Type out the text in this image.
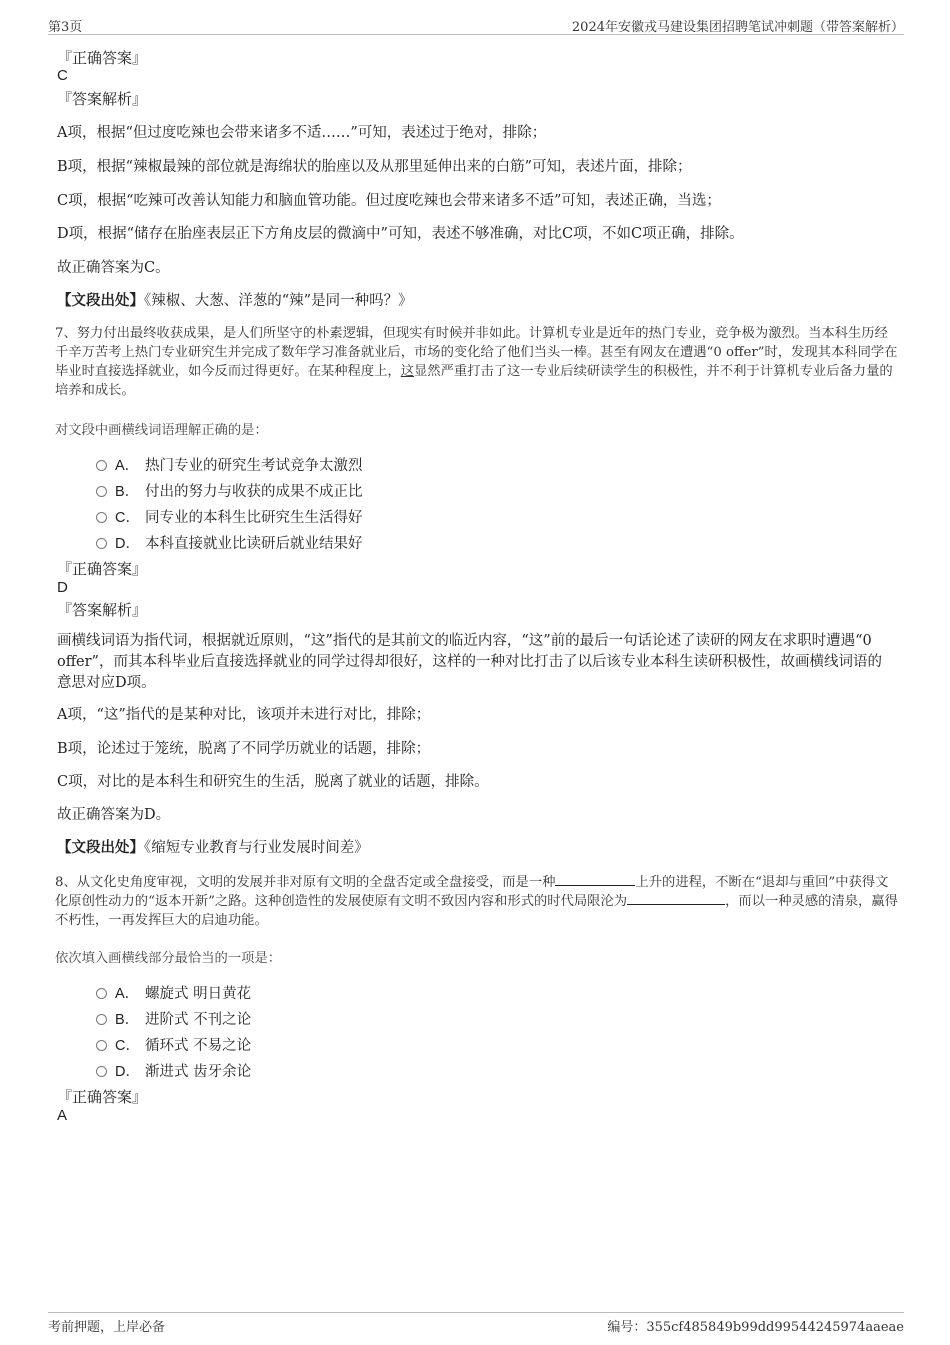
第3页	2024年安徽戎马建设集团招聘笔试冲刺题（带答案解析）
『正确答案』
C
『答案解析』
A项，根据“但过度吃辣也会带来诸多不适……”可知，表述过于绝对，排除；
B项，根据“辣椒最辣的部位就是海绵状的胎座以及从那里延伸出来的白筋”可知，表述片面，排除；
C项，根据“吃辣可改善认知能力和脑血管功能。但过度吃辣也会带来诸多不适”可知，表述正确，当选；
D项，根据“储存在胎座表层正下方角皮层的微滴中”可知，表述不够准确，对比C项，不如C项正确，排除。
故正确答案为C。
【文段出处】《辣椒、大葱、洋葱的“辣”是同一种吗？》
7、努力付出最终收获成果，是人们所坚守的朴素逻辑，但现实有时候并非如此。计算机专业是近年的热门专业，竞争极为激烈。当本科生历经千辛万苦考上热门专业研究生并完成了数年学习准备就业后，市场的变化给了他们当头一棒。甚至有网友在遭遇“0 offer”时，发现其本科同学在毕业时直接选择就业，如今反而过得更好。在某种程度上，这显然严重打击了这一专业后续研读学生的积极性，并不利于计算机专业后备力量的培养和成长。
对文段中画横线词语理解正确的是：
A． 热门专业的研究生考试竞争太激烈
B． 付出的努力与收获的成果不成正比
C． 同专业的本科生比研究生生活得好
D． 本科直接就业比读研后就业结果好
『正确答案』
D
『答案解析』
画横线词语为指代词，根据就近原则，“这”指代的是其前文的临近内容，“这”前的最后一句话论述了读研的网友在求职时遭遇“0 offer”，而其本科毕业后直接选择就业的同学过得却很好，这样的一种对比打击了以后该专业本科生读研积极性，故画横线词语的意思对应D项。
A项，“这”指代的是某种对比，该项并未进行对比，排除；
B项，论述过于笼统，脱离了不同学历就业的话题，排除；
C项，对比的是本科生和研究生的生活，脱离了就业的话题，排除。
故正确答案为D。
【文段出处】《缩短专业教育与行业发展时间差》
8、从文化史角度审视，文明的发展并非对原有文明的全盘否定或全盘接受，而是一种	上升的进程，不断在“退却与重回”中获得文化原创性动力的“返本开新”之路。这种创造性的发展使原有文明不致因内容和形式的时代局限沦为	，而以一种灵感的清泉，赢得不朽性，一再发挥巨大的启迪功能。
依次填入画横线部分最恰当的一项是：
A． 螺旋式 明日黄花
B． 进阶式 不刊之论
C． 循环式 不易之论
D． 渐进式 齿牙余论
『正确答案』
A
考前押题，上岸必备	编号：355cf485849b99dd99544245974aaeae
